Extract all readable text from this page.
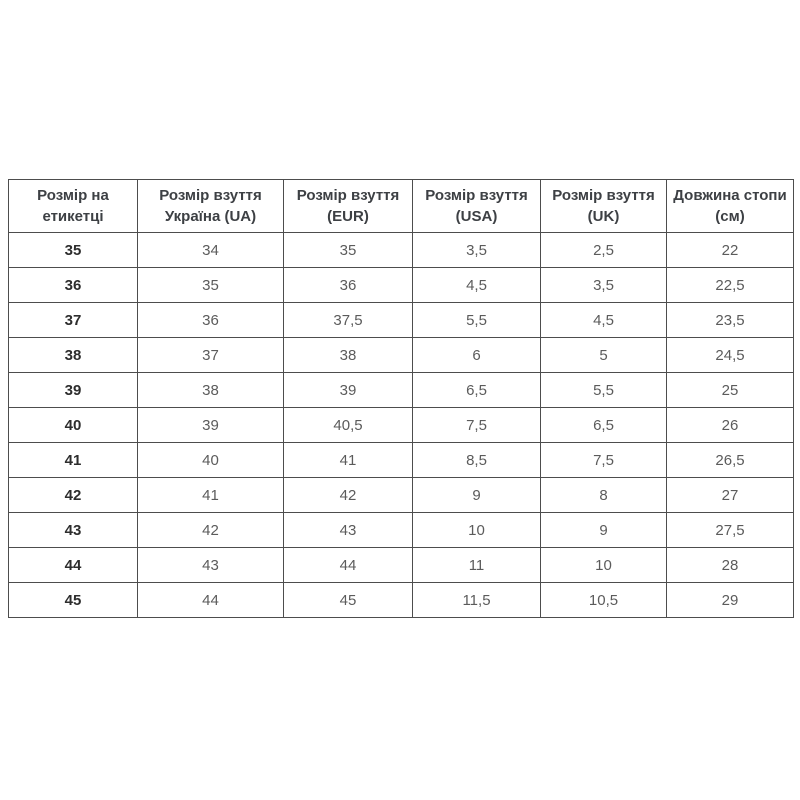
Розмір на етикетці	Розмір взуття Україна (UA)	Розмір взуття (EUR)	Розмір взуття (USA)	Розмір взуття (UK)	Довжина стопи (см)
35	34	35	3,5	2,5	22
36	35	36	4,5	3,5	22,5
37	36	37,5	5,5	4,5	23,5
38	37	38	6	5	24,5
39	38	39	6,5	5,5	25
40	39	40,5	7,5	6,5	26
41	40	41	8,5	7,5	26,5
42	41	42	9	8	27
43	42	43	10	9	27,5
44	43	44	11	10	28
45	44	45	11,5	10,5	29
